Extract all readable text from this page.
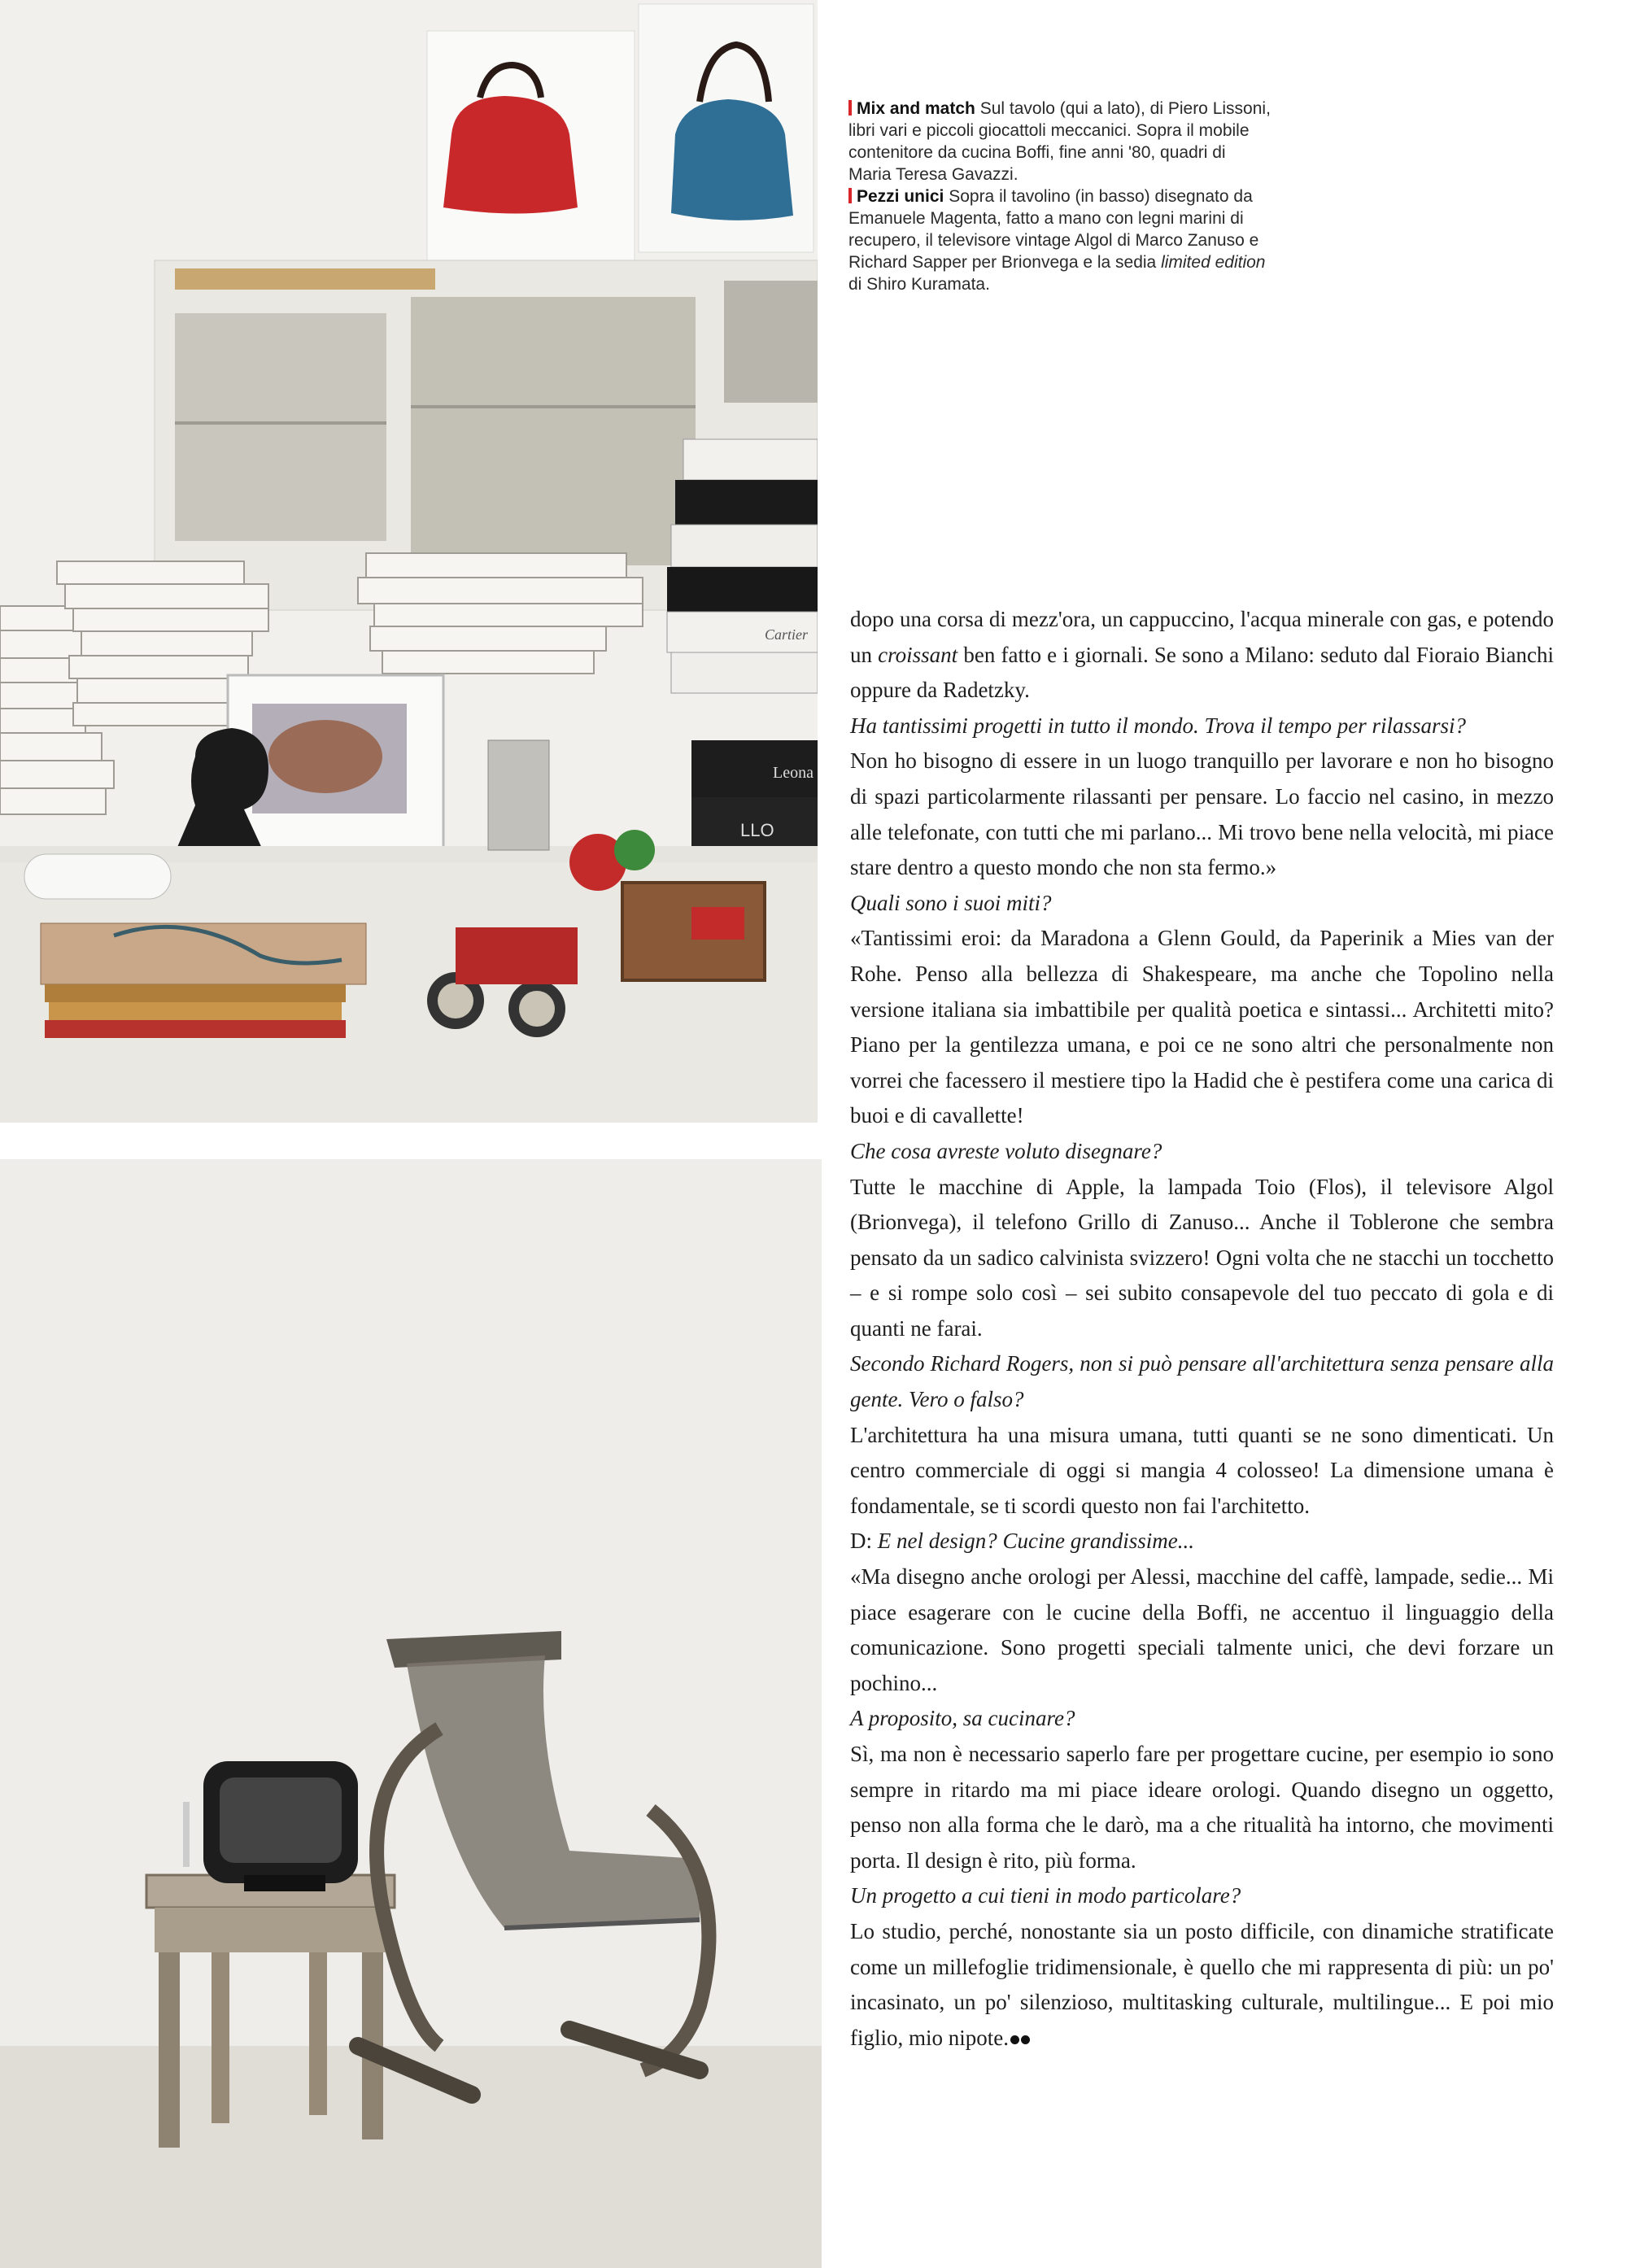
Cartier
Leona
LLO

Mix and match Sul tavolo (qui a lato), di Piero Lissoni, libri vari e piccoli giocattoli meccanici. Sopra il mobile contenitore da cucina Boffi, fine anni '80, quadri di Maria Teresa Gavazzi.

Pezzi unici Sopra il tavolino (in basso) disegnato da Emanuele Magenta, fatto a mano con legni marini di recupero, il televisore vintage Algol di Marco Zanuso e Richard Sapper per Brionvega e la sedia limited edition di Shiro Kuramata.

dopo una corsa di mezz'ora, un cappuccino, l'acqua minerale con gas, e potendo un croissant ben fatto e i giornali. Se sono a Milano: seduto dal Fioraio Bianchi oppure da Radetzky.

Ha tantissimi progetti in tutto il mondo. Trova il tempo per rilassarsi?

Non ho bisogno di essere in un luogo tranquillo per lavorare e non ho bisogno di spazi particolarmente rilassanti per pensare. Lo faccio nel casino, in mezzo alle telefonate, con tutti che mi parlano... Mi trovo bene nella velocità, mi piace stare dentro a questo mondo che non sta fermo.»

Quali sono i suoi miti?

«Tantissimi eroi: da Maradona a Glenn Gould, da Paperinik a Mies van der Rohe. Penso alla bellezza di Shakespeare, ma anche che Topolino nella versione italiana sia imbattibile per qualità poetica e sintassi... Architetti mito? Piano per la gentilezza umana, e poi ce ne sono altri che personalmente non vorrei che facessero il mestiere tipo la Hadid che è pestifera come una carica di buoi e di cavallette!

Che cosa avreste voluto disegnare?

Tutte le macchine di Apple, la lampada Toio (Flos), il televisore Algol (Brionvega), il telefono Grillo di Zanuso... Anche il Toblerone che sembra pensato da un sadico calvinista svizzero! Ogni volta che ne stacchi un tocchetto – e si rompe solo così – sei subito consapevole del tuo peccato di gola e di quanti ne farai.

Secondo Richard Rogers, non si può pensare all'architettura senza pensare alla gente. Vero o falso?

L'architettura ha una misura umana, tutti quanti se ne sono dimenticati. Un centro commerciale di oggi si mangia 4 colosseo! La dimensione umana è fondamentale, se ti scordi questo non fai l'architetto.

D: E nel design? Cucine grandissime...

«Ma disegno anche orologi per Alessi, macchine del caffè, lampade, sedie... Mi piace esagerare con le cucine della Boffi, ne accentuo il linguaggio della comunicazione. Sono progetti speciali talmente unici, che devi forzare un pochino...

A proposito, sa cucinare?

Sì, ma non è necessario saperlo fare per progettare cucine, per esempio io sono sempre in ritardo ma mi piace ideare orologi. Quando disegno un oggetto, penso non alla forma che le darò, ma a che ritualità ha intorno, che movimenti porta. Il design è rito, più forma.

Un progetto a cui tieni in modo particolare?

Lo studio, perché, nonostante sia un posto difficile, con dinamiche stratificate come un millefoglie tridimensionale, è quello che mi rappresenta di più: un po' incasinato, un po' silenzioso, multitasking culturale, multilingue... E poi mio figlio, mio nipote.
